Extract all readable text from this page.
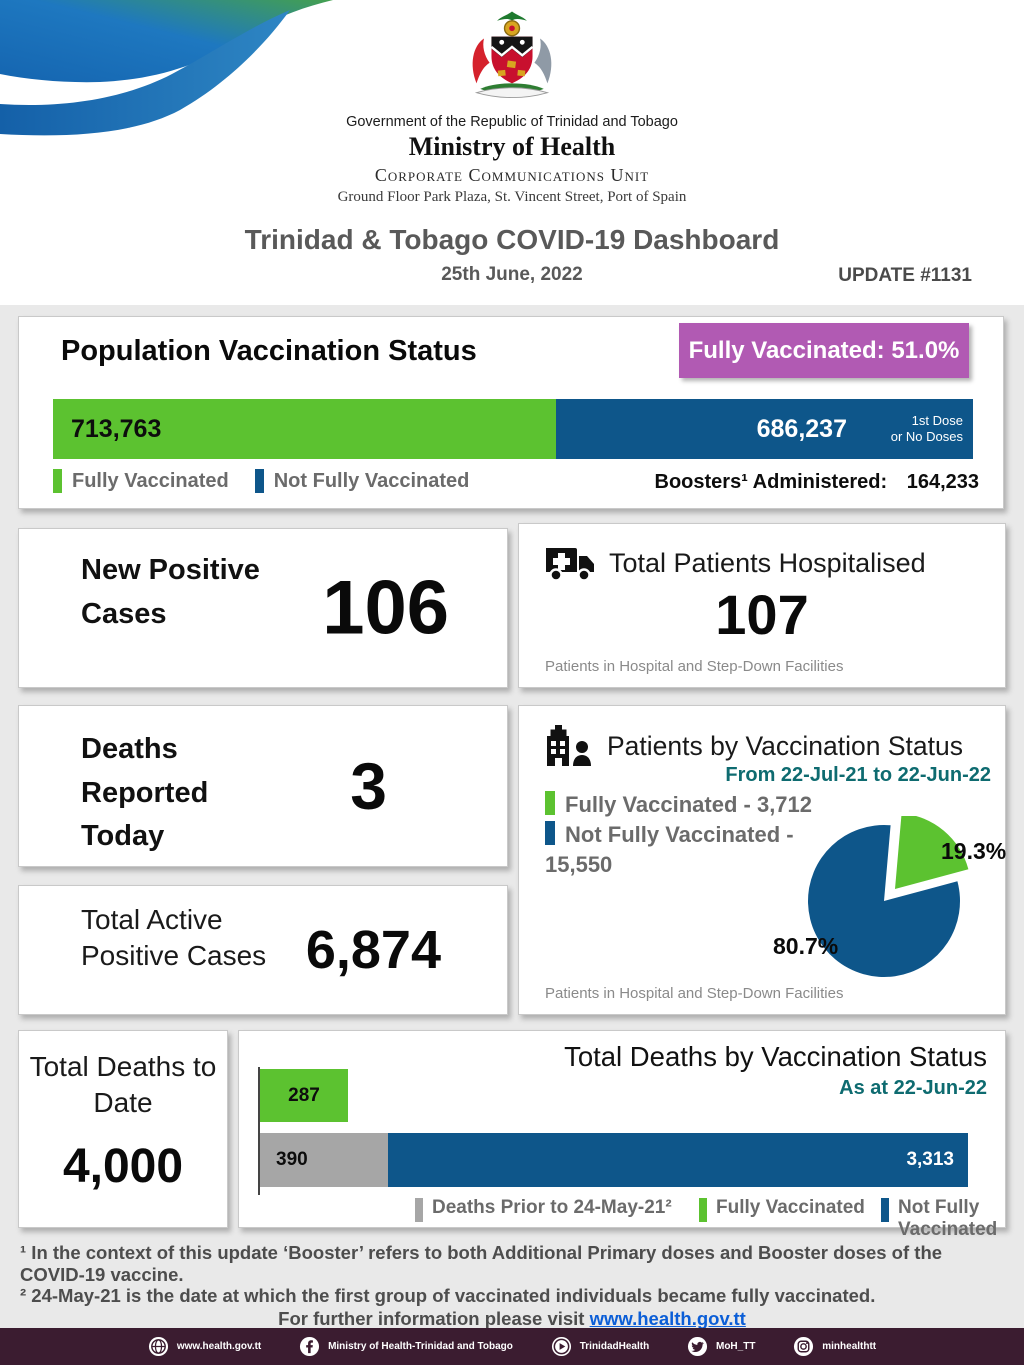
Government of the Republic of Trinidad and Tobago
Ministry of Health
Corporate Communications Unit
Ground Floor Park Plaza, St. Vincent Street, Port of Spain
Trinidad & Tobago COVID-19 Dashboard
25th June, 2022	UPDATE #1131
Population Vaccination Status	Fully Vaccinated: 51.0%
713,763	686,237	1st Dose
or No Doses
Fully Vaccinated Not Fully Vaccinated	Boosters¹ Administered: 164,233
New Positive Cases	106
Total Patients Hospitalised
107
Patients in Hospital and Step-Down Facilities
Deaths Reported Today
3
Patients by Vaccination Status
From 22-Jul-21 to 22-Jun-22
Fully Vaccinated - 3,712
Not Fully Vaccinated - 15,550
19.3%
80.7%
Patients in Hospital and Step-Down Facilities
Total Active Positive Cases 6,874
Total Deaths to Date
4,000
Total Deaths by Vaccination Status
As at 22-Jun-22
287
390	3,313
Deaths Prior to 24-May-21² Fully Vaccinated Not Fully Vaccinated
¹ In the context of this update ‘Booster’ refers to both Additional Primary doses and Booster doses of the COVID-19 vaccine.
² 24-May-21 is the date at which the first group of vaccinated individuals became fully vaccinated.
For further information please visit www.health.gov.tt
www.health.gov.tt	Ministry of Health-Trinidad and Tobago	TrinidadHealth	MoH_TT	minhealthtt
